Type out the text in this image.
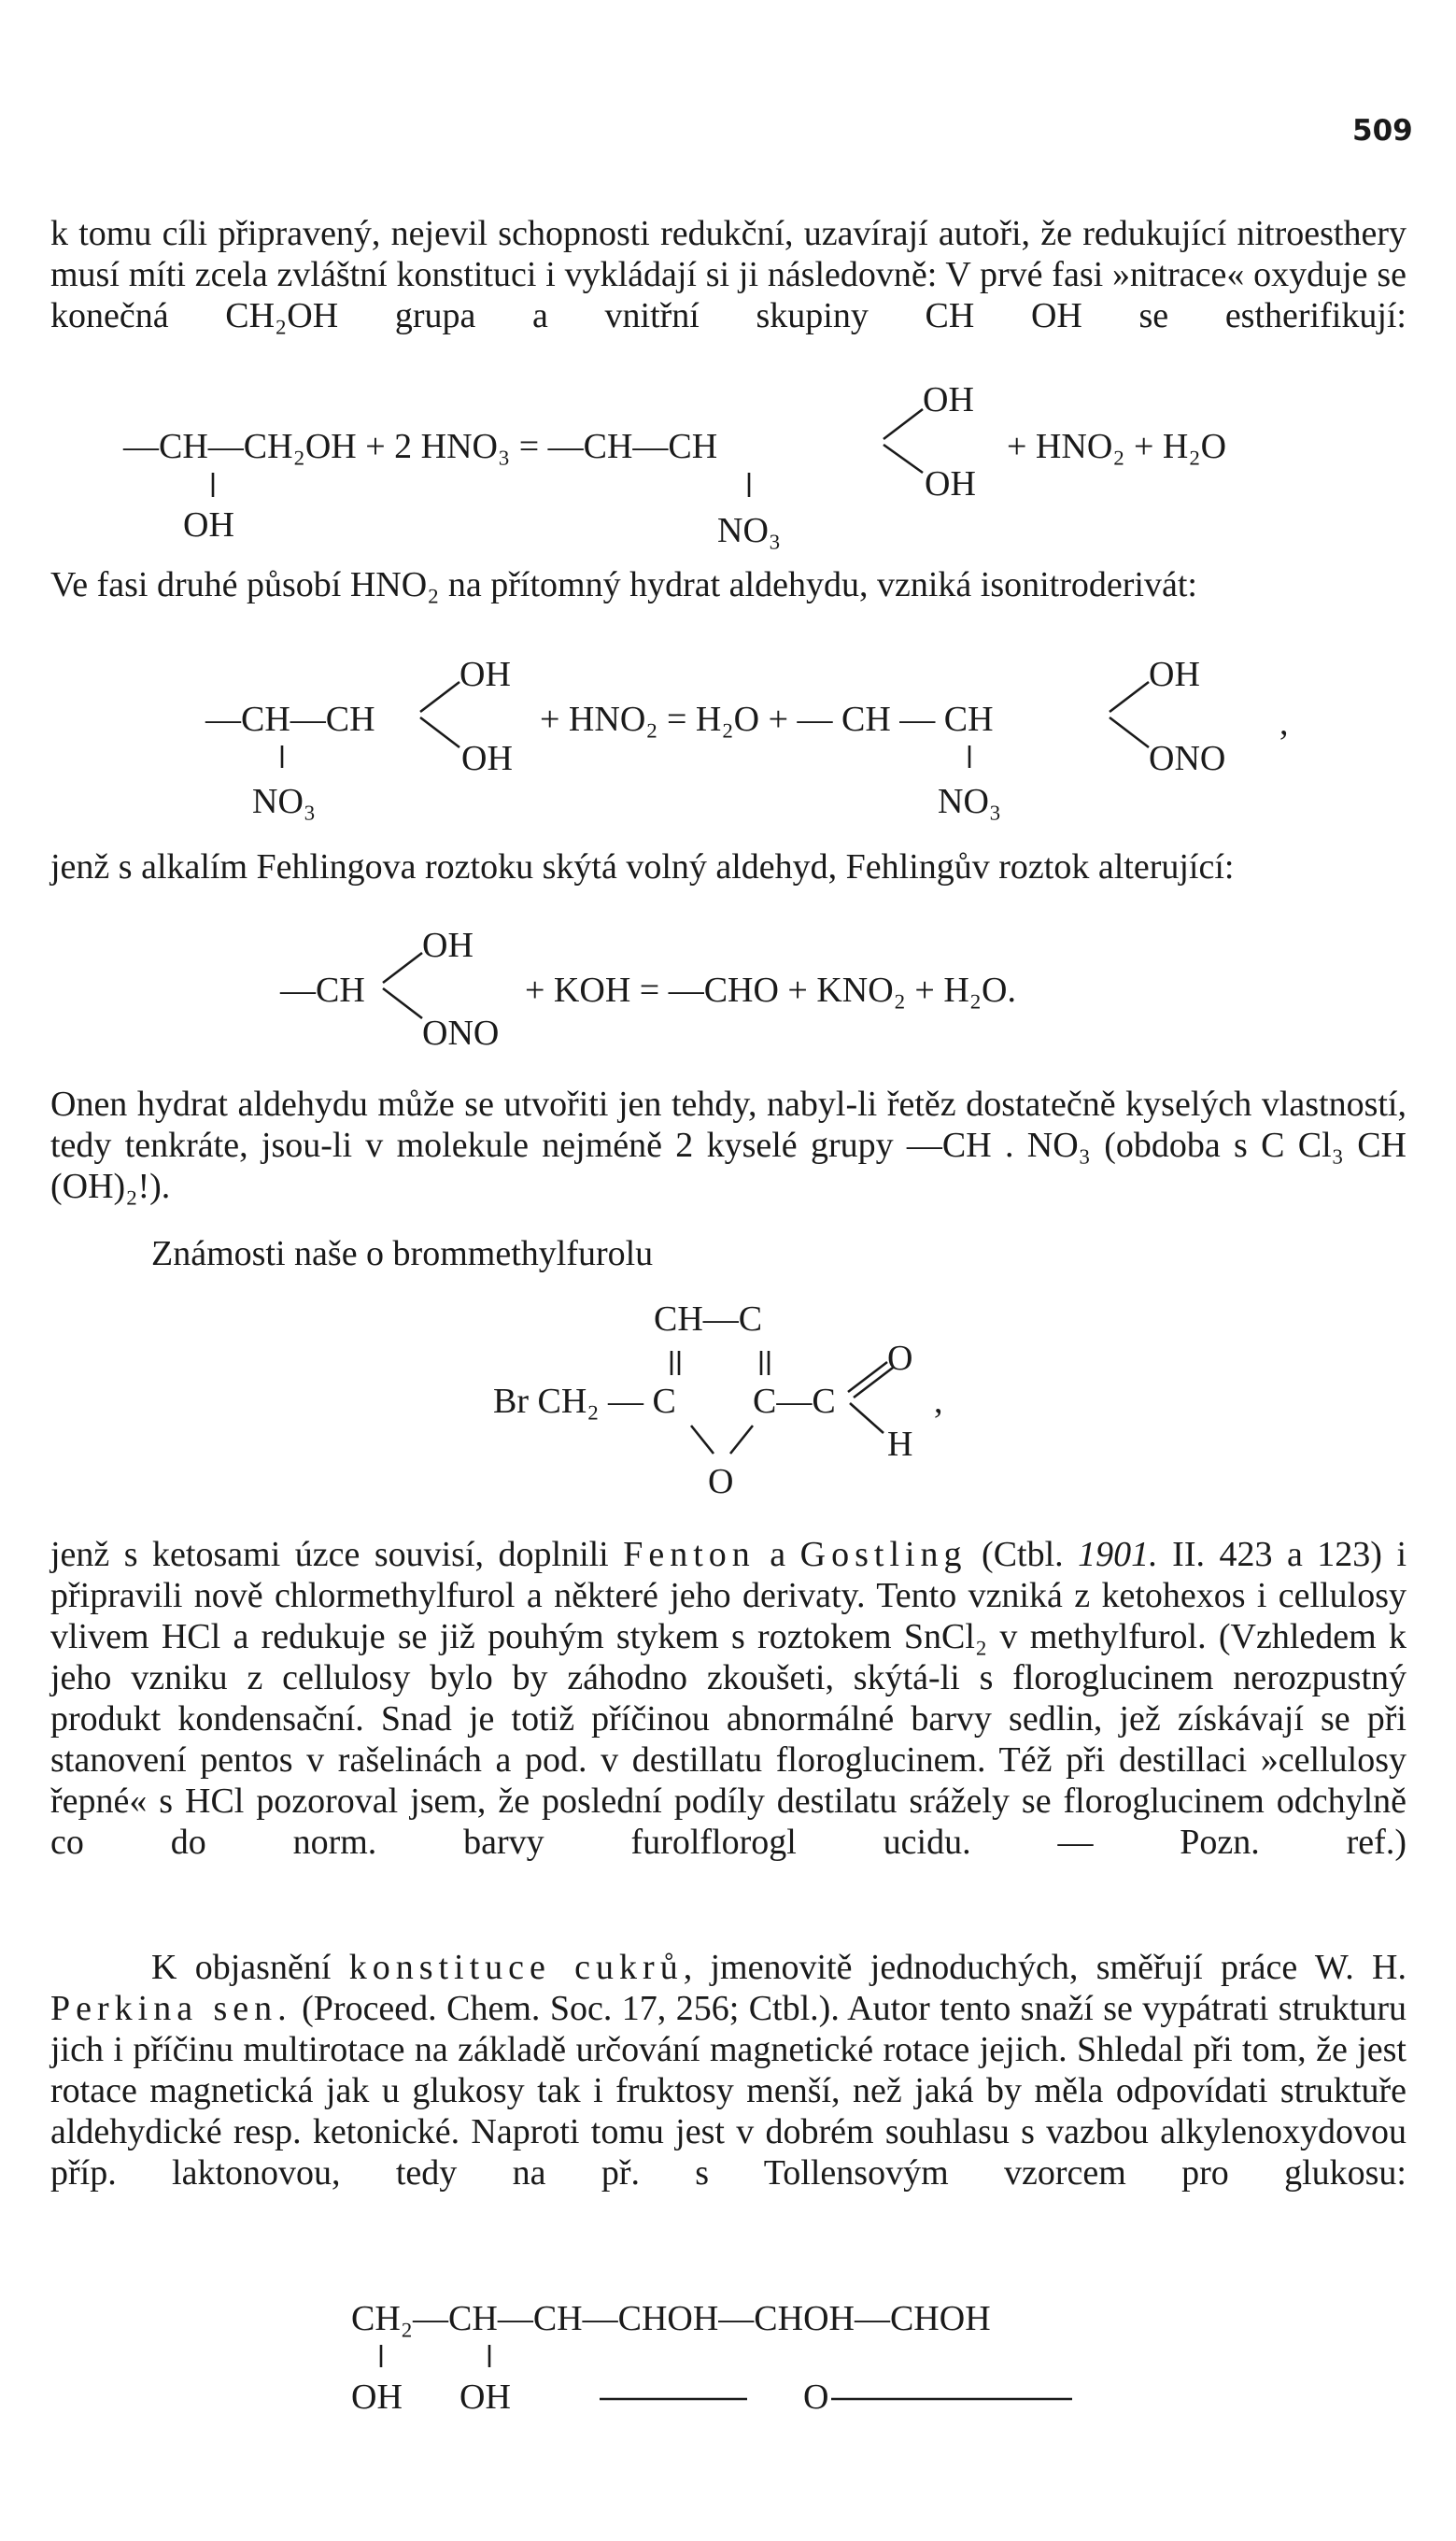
509
k tomu cíli připravený, nejevil schopnosti redukční, uzavírají autoři, že redukující nitroesthery musí míti zcela zvláštní konstituci i vykládají si ji následovně: V prvé fasi »nitrace« oxyduje se konečná CH₂OH grupa a vnitřní skupiny CH OH se estherifikují:
Ve fasi druhé působí HNO₂ na přítomný hydrat aldehydu, vzniká isonitroderivát:
jenž s alkalím Fehlingova roztoku skýtá volný aldehyd, Fehlingův roztok alterující:
Onen hydrat aldehydu může se utvořiti jen tehdy, nabyl-li řetěz dostatečně kyselých vlastností, tedy tenkráte, jsou-li v molekule nejméně 2 kyselé grupy —CH . NO₃ (obdoba s C Cl₃ CH (OH)₂!).
Známosti naše o brommethylfurolu
jenž s ketosami úzce souvisí, doplnili Fenton a Gostling (Ctbl. 1901. II. 423 a 123) i připravili nově chlormethylfurol a některé jeho derivaty. Tento vzniká z ketohexos i cellulosy vlivem HCl a redukuje se již pouhým stykem s roztokem SnCl₂ v methylfurol. (Vzhledem k jeho vzniku z cellulosy bylo by záhodno zkoušeti, skýtá-li s floroglucinem nerozpustný produkt kondensační. Snad je totiž příčinou abnormálné barvy sedlin, jež získávají se při stanovení pentos v rašelinách a pod. v destillatu floroglucinem. Též při destillaci »cellulosy řepné« s HCl pozoroval jsem, že poslední podíly destilatu srážely se floroglucinem odchylně co do norm. barvy furolflorogl ucidu. — Pozn. ref.)
K objasnění konstituce cukrů, jmenovitě jednoduchých, směřují práce W. H. Perkina sen. (Proceed. Chem. Soc. 17, 256; Ctbl.). Autor tento snaží se vypátrati strukturu jich i příčinu multirotace na základě určování magnetické rotace jejich. Shledal při tom, že jest rotace magnetická jak u glukosy tak i fruktosy menší, než jaká by měla odpovídati struktuře aldehydické resp. ketonické. Naproti tomu jest v dobrém souhlasu s vazbou alkylenoxydovou příp. laktonovou, tedy na př. s Tollensovým vzorcem pro glukosu:
—CH—CH₂OH + 2 HNO₃ = —CH—CH
OH
OH
+ HNO₂ + H₂O
OH	NO₃
—CH—CH
OH
OH
+ HNO₂ = H₂O + — CH — CH
OH
ONO
,
NO₃	NO₃
—CH
OH
ONO
+ KOH = —CHO + KNO₂ + H₂O.
CH—C
Br CH₂ — C C—C
O
O
H
,
CH₂—CH—CH—CHOH—CHOH—CHOH
OH OH	O
